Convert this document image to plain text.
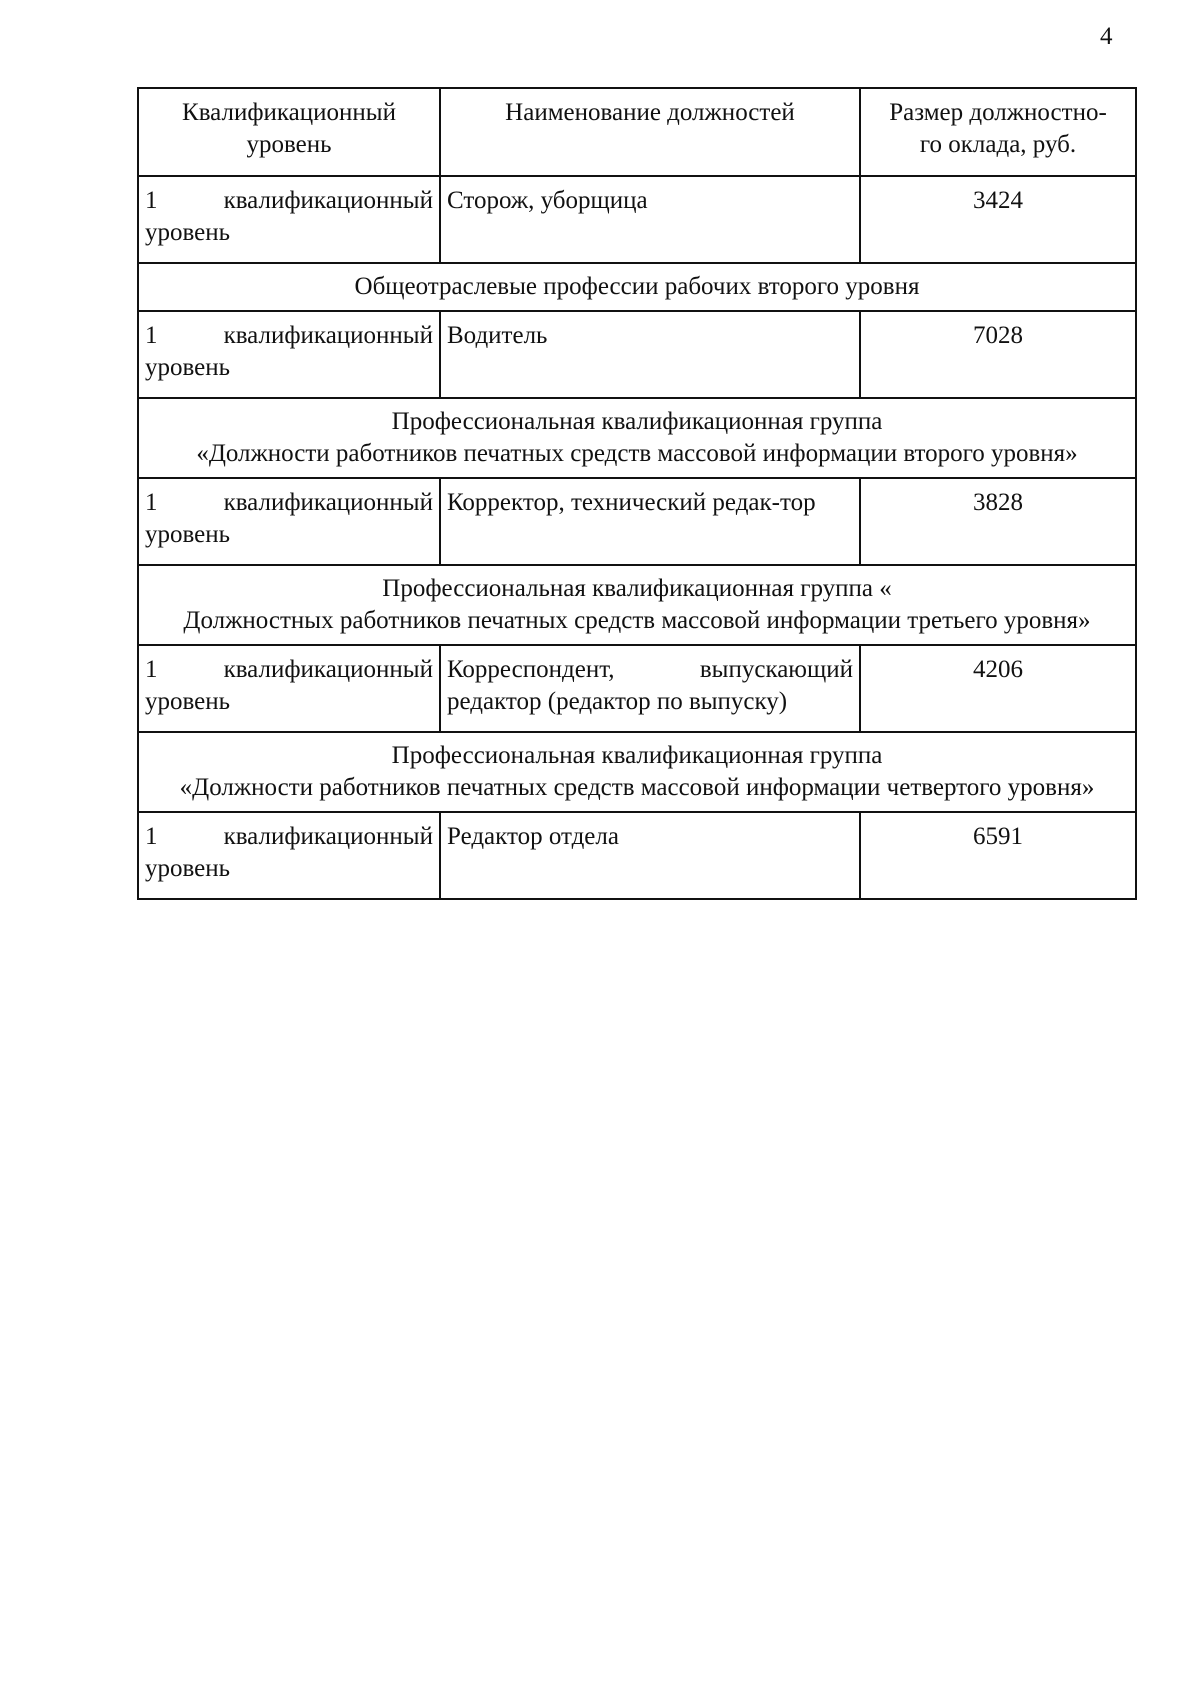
4
Квалификационный уровень	Наименование должностей	Размер должностно-
го оклада, руб.

1 квалификационный уровень	Сторож, уборщица	3424

Общеотраслевые профессии рабочих второго уровня		

1 квалификационный уровень	Водитель	7028

Профессиональная квалификационная группа
«Должности работников печатных средств массовой информации второго уровня»		

1 квалификационный уровень	Корректор, технический редак-тор	3828

Профессиональная квалификационная группа «
Должностных работников печатных средств массовой информации третьего уровня»		

1 квалификационный уровень	Корреспондент, выпускающий редактор (редактор по выпуску)	4206

Профессиональная квалификационная группа
«Должности работников печатных средств массовой информации четвертого уровня»		

1 квалификационный уровень	Редактор отдела	6591
